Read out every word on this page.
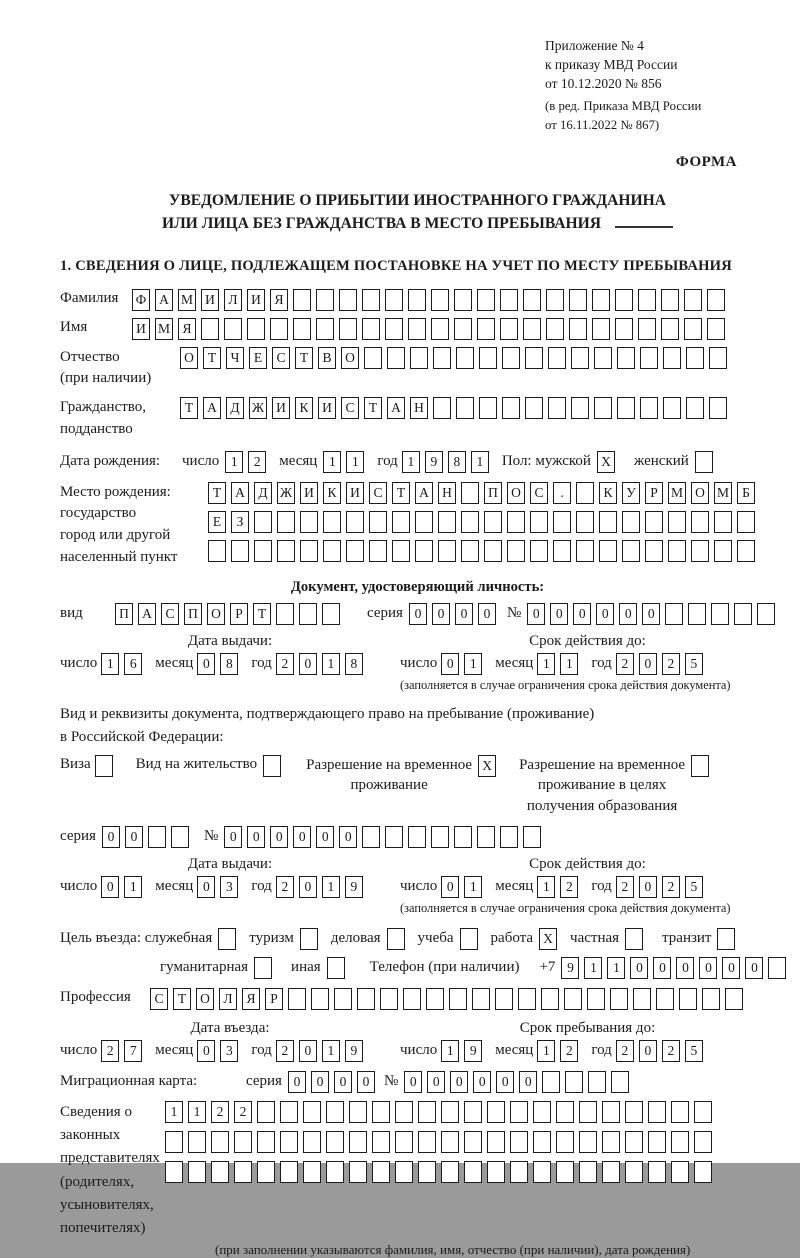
Приложение № 4
к приказу МВД России
от 10.12.2020 № 856
(в ред. Приказа МВД России
от 16.11.2022 № 867)
ФОРМА
УВЕДОМЛЕНИЕ О ПРИБЫТИИ ИНОСТРАННОГО ГРАЖДАНИНА
ИЛИ ЛИЦА БЕЗ ГРАЖДАНСТВА В МЕСТО ПРЕБЫВАНИЯ
1. СВЕДЕНИЯ О ЛИЦЕ, ПОДЛЕЖАЩЕМ ПОСТАНОВКЕ НА УЧЕТ ПО МЕСТУ ПРЕБЫВАНИЯ
Фамилия	Ф А М И	Л	И	Я
Имя	И М Я
Отчество
(при наличии)
О	Т	Ч	Е	С	Т	В	О
Гражданство,
подданство
Т	А	Д Ж И	К	И	С	Т	А Н
Дата рождения:	число 1	2	месяц 1	1	год 1	9	8	1	Пол: мужской X женский
Место рождения:
государство
город или другой
населенный пункт
Т	А	Д Ж И	К	И	С	Т	А Н	П О	С	.	К	У	Р М О М Б
Е	З
Документ, удостоверяющий личность:
вид	П А	С	П О	Р	Т	серия 0	0	0	0	№ 0	0	0	0	0	0
Дата выдачи:
число 1	6	месяц 0	8	год 2	0	1	8
Срок действия до:
число 0	1	месяц 1	1	год 2	0	2	5
(заполняется в случае ограничения срока действия документа)
Вид и реквизиты документа, подтверждающего право на пребывание (проживание)
в Российской Федерации:
Виза	Вид на жительство	Разрешение на временное
проживание
X Разрешение на временное
проживание в целях
получения образования
серия 0	0	№ 0	0	0	0	0	0
Дата выдачи:
число 0	1	месяц 0	3	год 2	0	1	9
Срок действия до:
число 0	1	месяц 1	2	год 2	0	2	5
(заполняется в случае ограничения срока действия документа)
Цель въезда: служебная туризм деловая учеба работа X частная	транзит
гуманитарная	иная	Телефон (при наличии) +7 9	1	1	0	0	0	0	0	0
Профессия	С	Т	О	Л	Я	Р
Дата въезда:
число 2	7	месяц 0	3	год 2	0	1	9
Срок пребывания до:
число 1	9	месяц 1	2	год 2	0	2	5
Миграционная карта:	серия 0	0	0	0 № 0	0	0	0	0	0
Сведения о
законных
представителях
(родителях,
усыновителях,
попечителях)
1	1	2	2
(при заполнении указываются фамилия, имя, отчество (при наличии), дата рождения)
